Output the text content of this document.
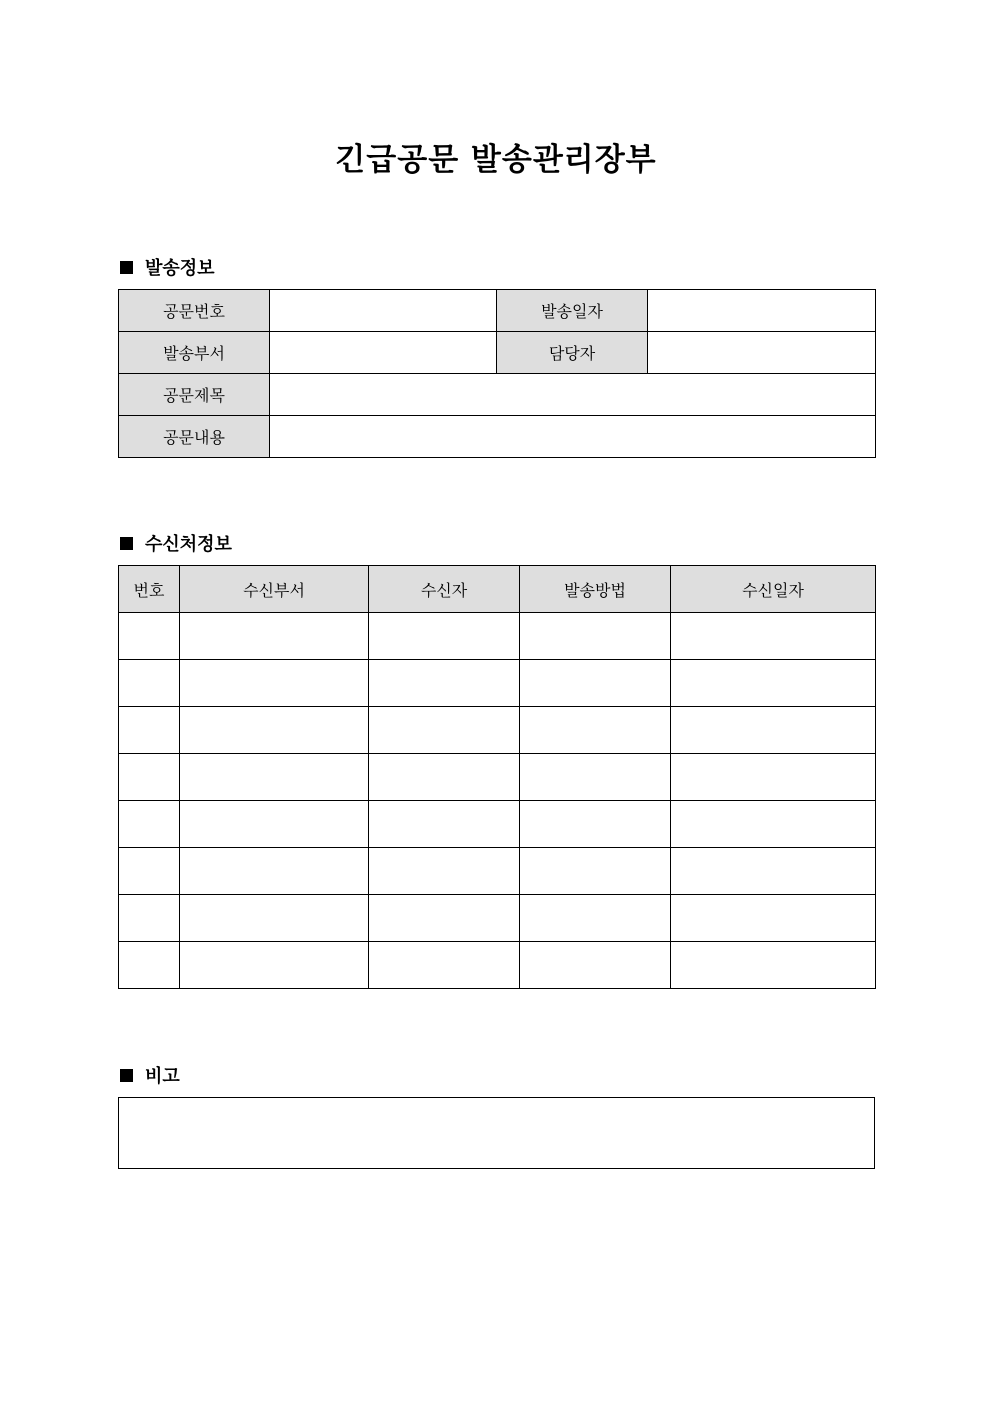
긴급공문 발송관리장부
발송정보
공문번호		발송일자	
발송부서		담당자	
공문제목			
공문내용			
수신처정보
번호	수신부서	수신자	발송방법	수신일자

비고
